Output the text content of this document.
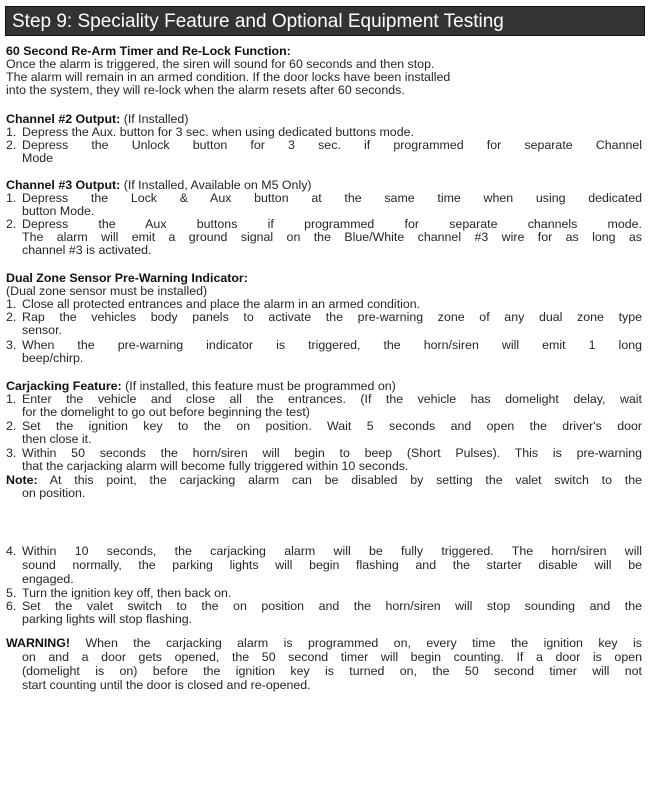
Step 9: Speciality Feature and Optional Equipment Testing
60 Second Re-Arm Timer and Re-Lock Function:
Once the alarm is triggered, the siren will sound for 60 seconds and then stop.
The alarm will remain in an armed condition. If the door locks have been installed
into the system, they will re-lock when the alarm resets after 60 seconds.
Channel #2 Output: (If Installed)
1. Depress the Aux. button for 3 sec. when using dedicated buttons mode.
2. Depress the Unlock button for 3 sec. if programmed for separate Channel
Mode
Channel #3 Output: (If Installed, Available on M5 Only)
1. Depress the Lock & Aux button at the same time when using dedicated
button Mode.
2. Depress the Aux buttons if programmed for separate channels mode.
The alarm will emit a ground signal on the Blue/White channel #3 wire for as long as
channel #3 is activated.
Dual Zone Sensor Pre-Warning Indicator:
(Dual zone sensor must be installed)
1. Close all protected entrances and place the alarm in an armed condition.
2. Rap the vehicles body panels to activate the pre-warning zone of any dual zone type
sensor.
3. When the pre-warning indicator is triggered, the horn/siren will emit 1 long
beep/chirp.
Carjacking Feature: (If installed, this feature must be programmed on)
1. Enter the vehicle and close all the entrances. (If the vehicle has domelight delay, wait
for the domelight to go out before beginning the test)
2. Set the ignition key to the on position. Wait 5 seconds and open the driver's door
then close it.
3. Within 50 seconds the horn/siren will begin to beep (Short Pulses). This is pre-warning
that the carjacking alarm will become fully triggered within 10 seconds.
Note: At this point, the carjacking alarm can be disabled by setting the valet switch to the
on position.
4. Within 10 seconds, the carjacking alarm will be fully triggered. The horn/siren will
sound normally, the parking lights will begin flashing and the starter disable will be
engaged.
5. Turn the ignition key off, then back on.
6. Set the valet switch to the on position and the horn/siren will stop sounding and the
parking lights will stop flashing.
WARNING! When the carjacking alarm is programmed on, every time the ignition key is
on and a door gets opened, the 50 second timer will begin counting. If a door is open
(domelight is on) before the ignition key is turned on, the 50 second timer will not
start counting until the door is closed and re-opened.
